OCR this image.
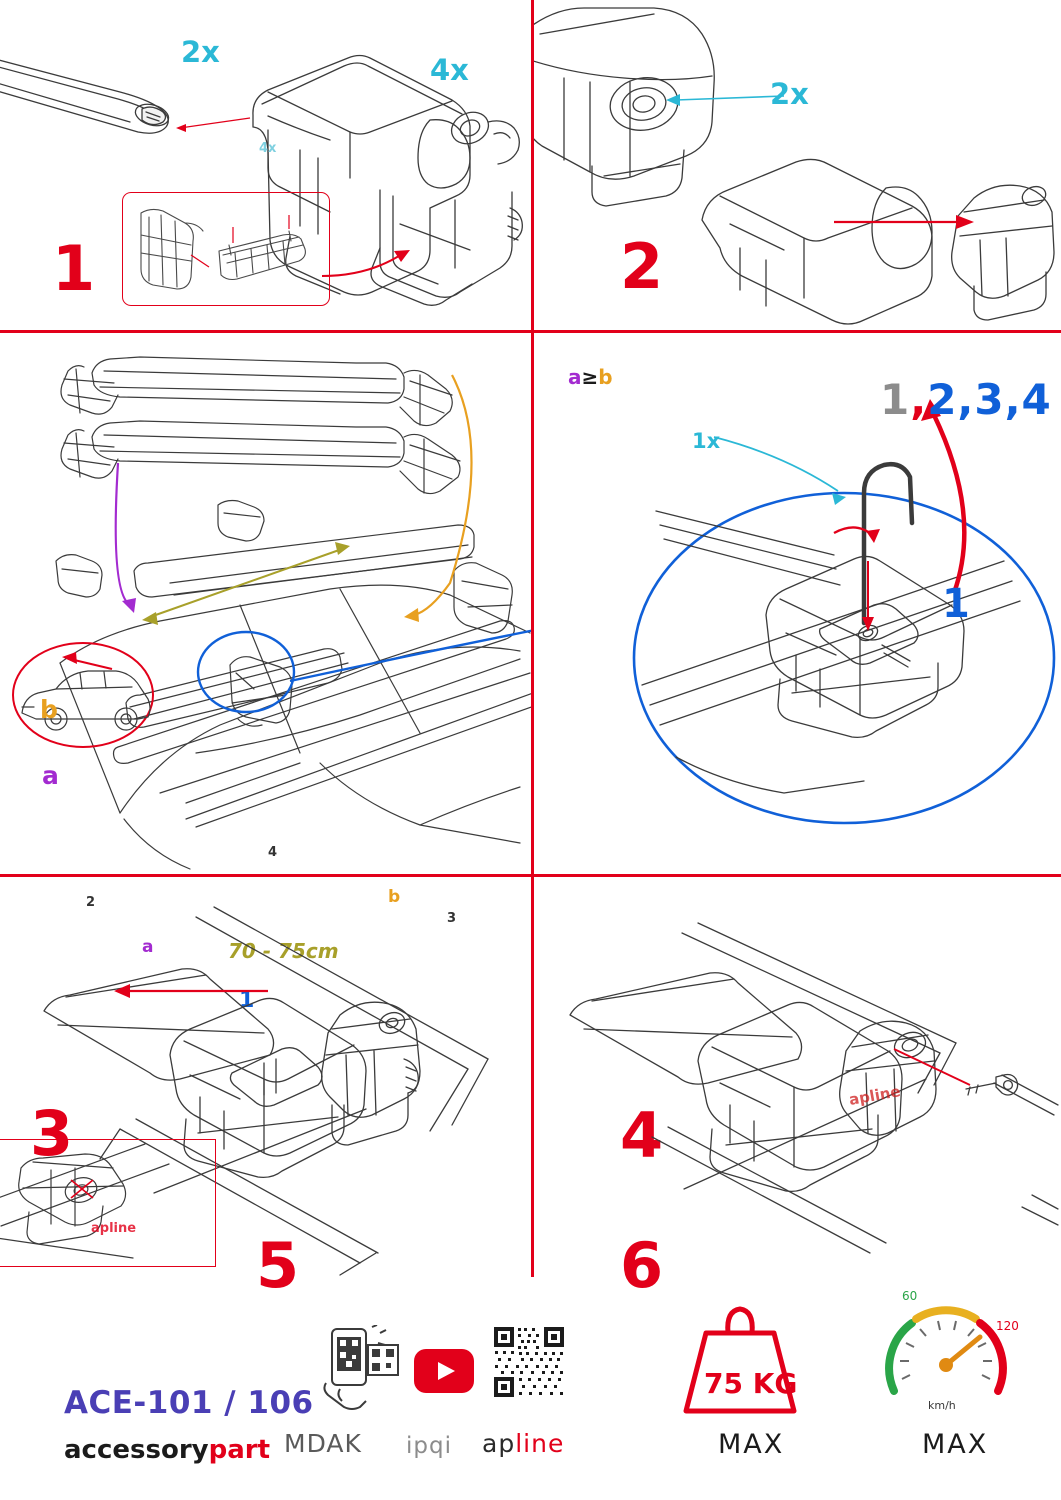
4x
2x
4x
1
2x
2
b
a
a
b
70 - 75cm
1
2
3
4
3
a≥b
1x
1,2,3,4
1
4
apline
5
apline
6
ACE-101 / 106
accessorypart MDAK ipqi apline
75 KG
MAX
60
120
km/h
MAX
